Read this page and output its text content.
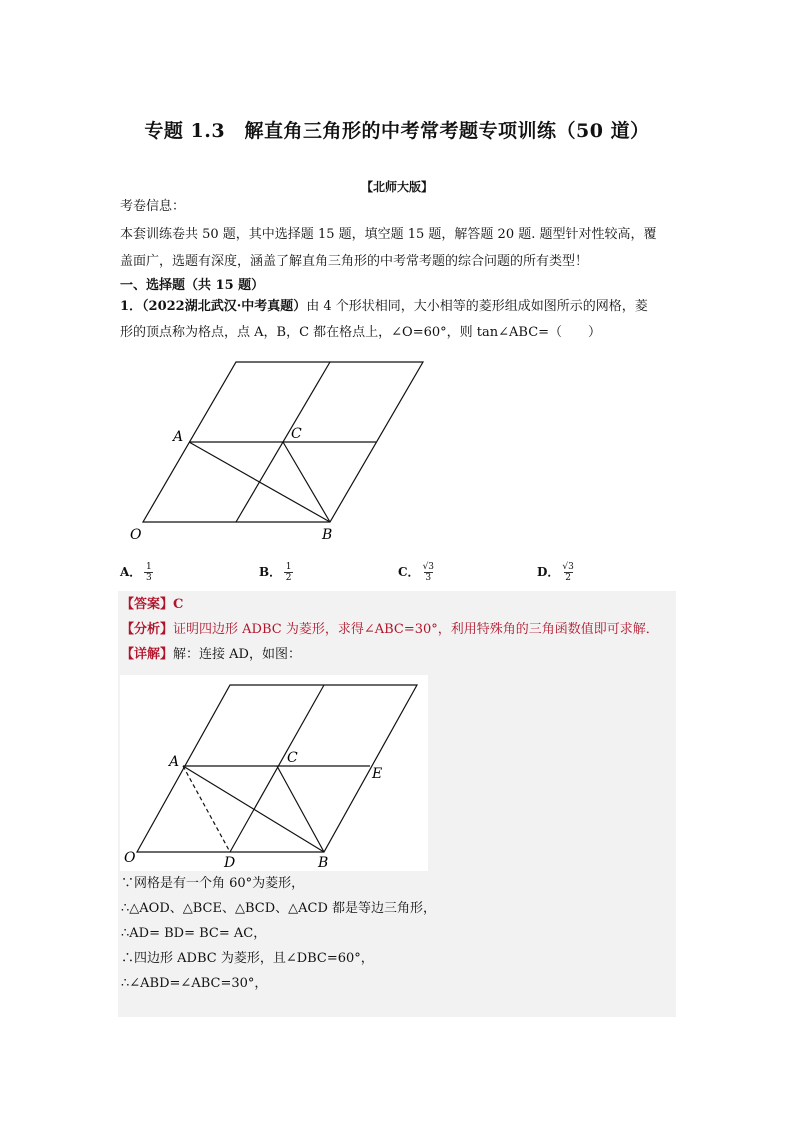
专题 1.3　解直角三角形的中考常考题专项训练（50 道）
【北师大版】
考卷信息：
本套训练卷共 50 题，其中选择题 15 题，填空题 15 题，解答题 20 题. 题型针对性较高，覆
盖面广，选题有深度，涵盖了解直角三角形的中考常考题的综合问题的所有类型！
一、选择题（共 15 题）
1．（2022湖北武汉·中考真题）由 4 个形状相同，大小相等的菱形组成如图所示的网格，菱
形的顶点称为格点，点 A，B，C 都在格点上，∠O=60°，则 tan∠ABC=（　　）
A	C
O	B
A． $\frac{1}{3}$	B． $\frac{1}{2}$	C． $\frac{√3}{3}$	D． $\frac{√3}{2}$
【答案】C
【分析】证明四边形 ADBC 为菱形，求得∠ABC=30°，利用特殊角的三角函数值即可求解．
【详解】解：连接 AD，如图：
A	C
E
O	D	B
∵网格是有一个角 60°为菱形，
∴△AOD、△BCE、△BCD、△ACD 都是等边三角形，
∴AD= BD= BC= AC，
∴四边形 ADBC 为菱形，且∠DBC=60°，
∴∠ABD=∠ABC=30°，
